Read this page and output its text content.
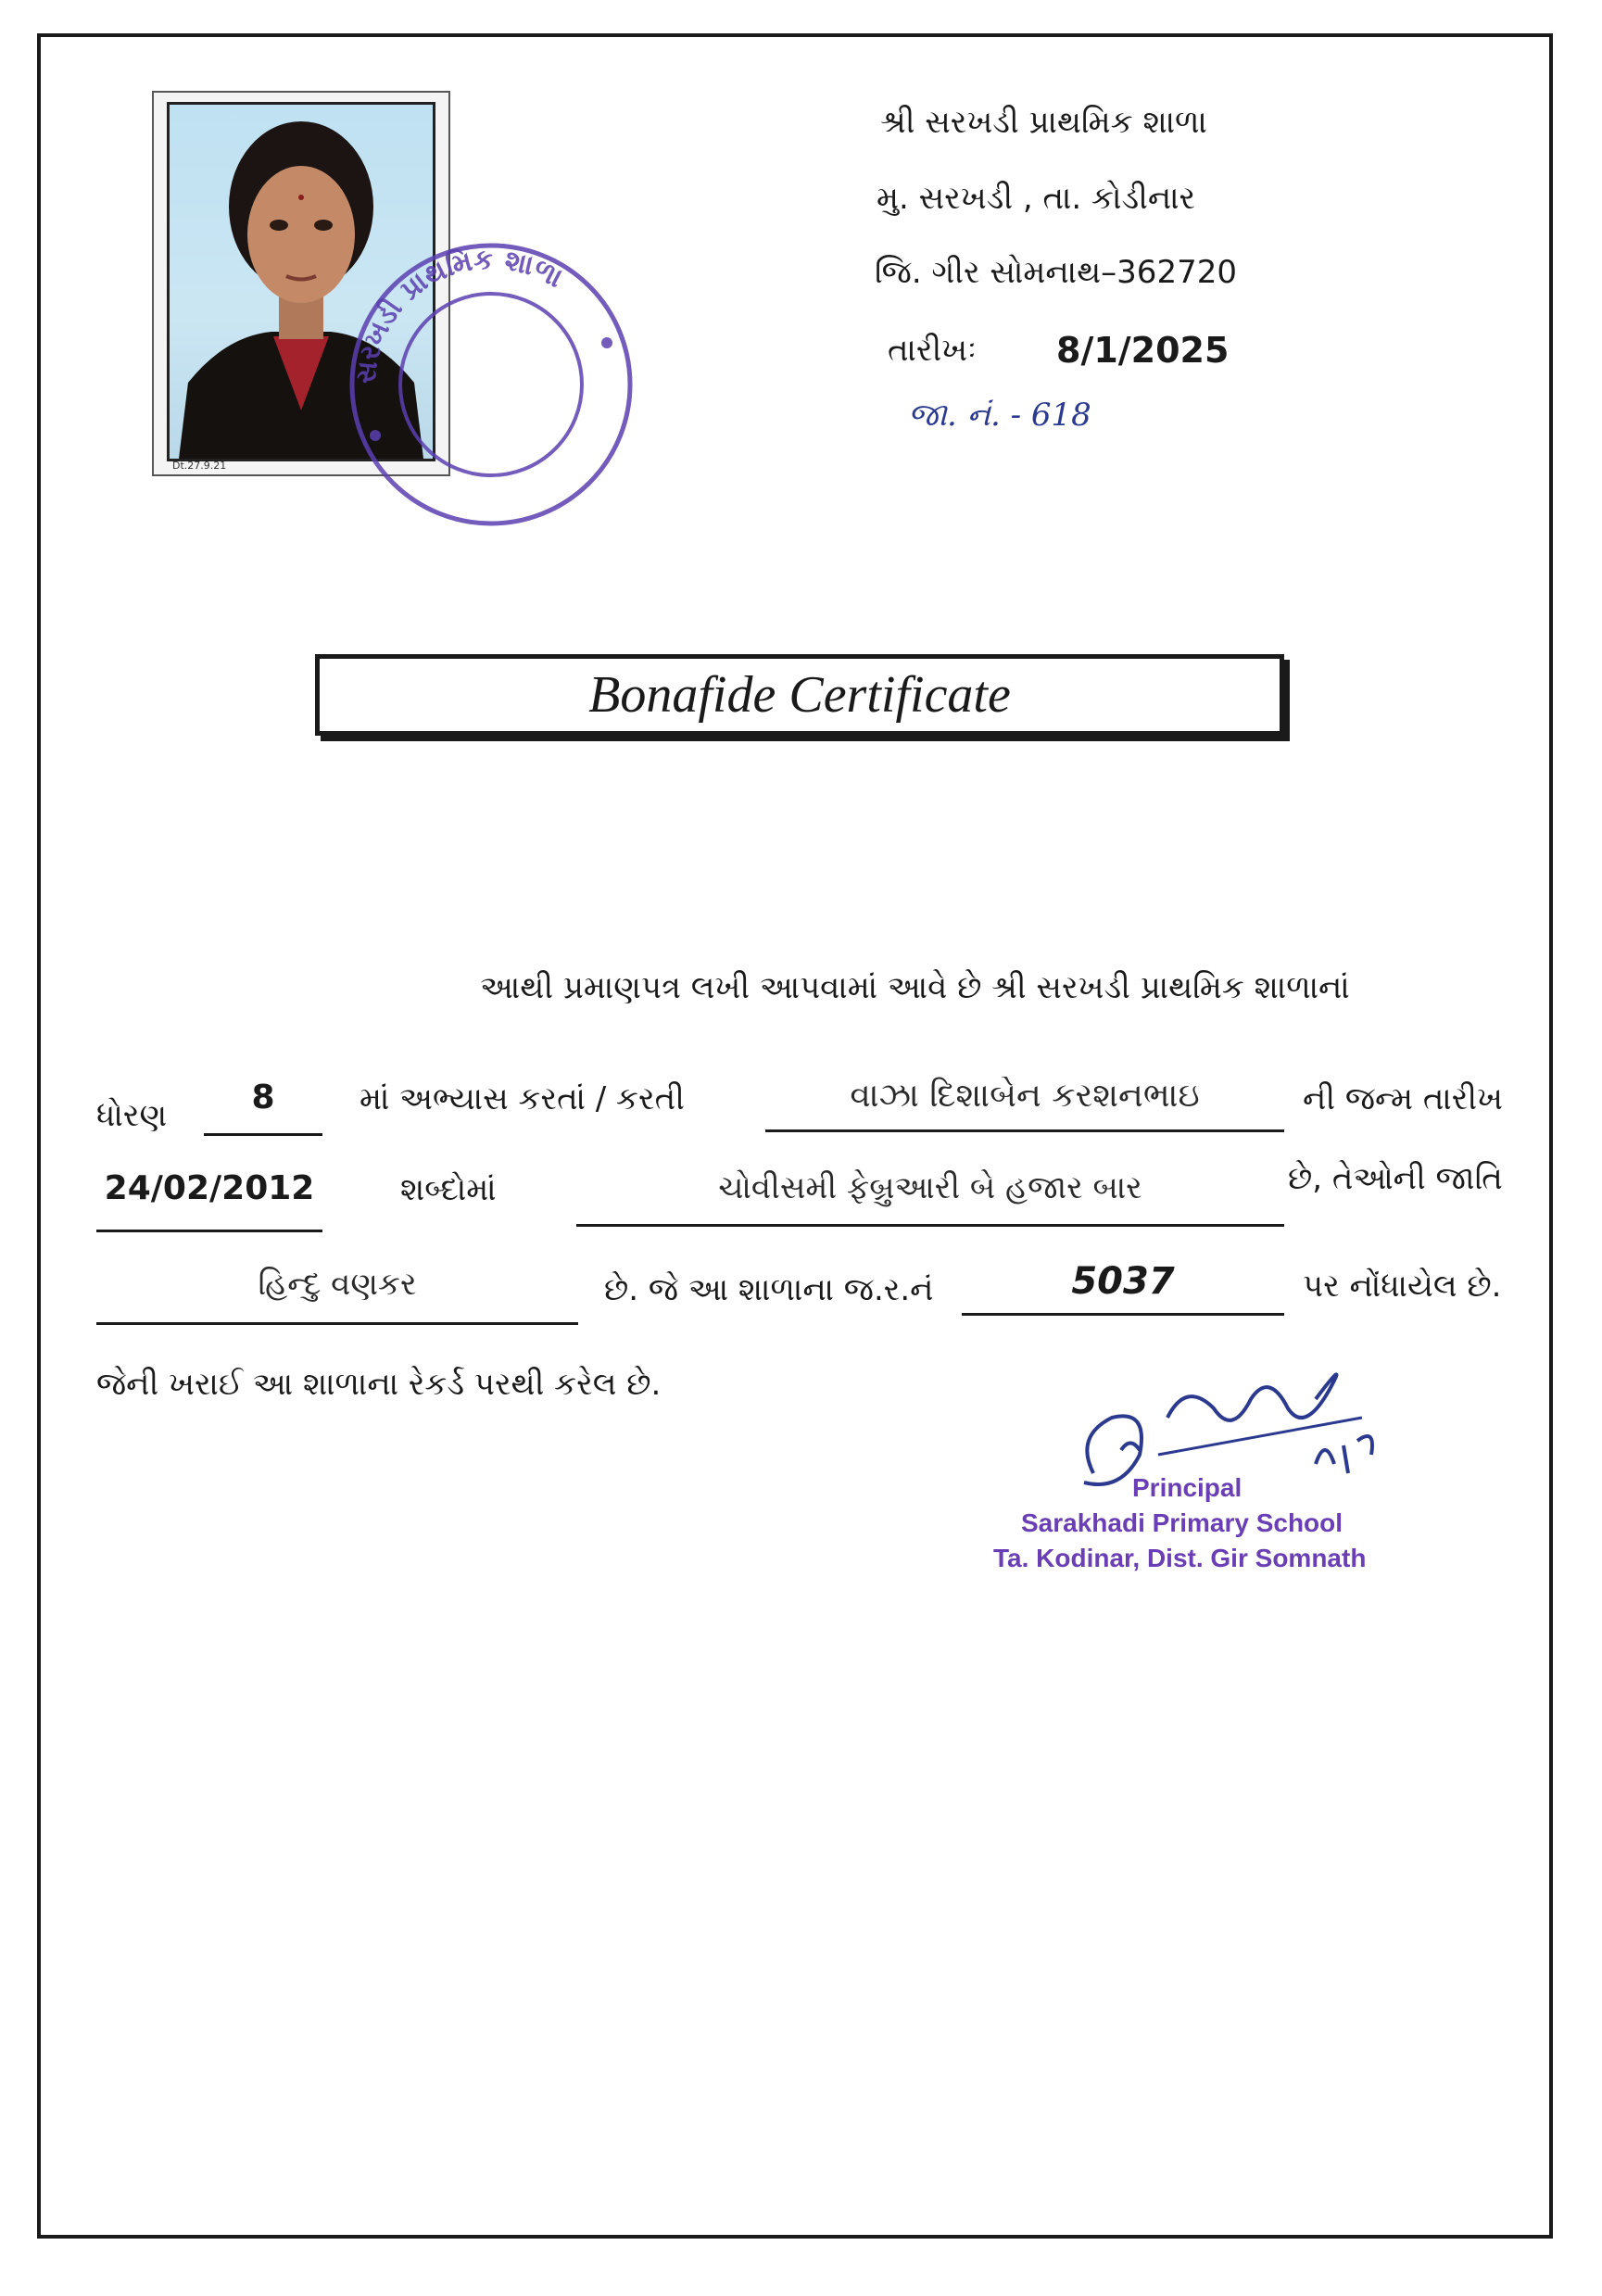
Dt.27.9.21
સરખડી પ્રાથમિક શાળા
શ્રી સરખડી પ્રાથમિક શાળા
મુ. સરખડી , તા. કોડીનાર
જિ. ગીર સોમનાથ–362720
તારીખઃ 8/1/2025
જા. નં. - 618
Bonafide Certificate
આથી પ્રમાણપત્ર લખી આપવામાં આવે છે શ્રી સરખડી પ્રાથમિક શાળાનાં
ધોરણ	8	માં અભ્યાસ કરતાં / કરતી	વાઝા દિશાબેન કરશનભાઇ	ની જન્મ તારીખ
24/02/2012	શબ્દોમાં	ચોવીસમી ફેબ્રુઆરી બે હજાર બાર	છે, તેઓની જાતિ
હિન્દુ વણકર	છે. જે આ શાળાના જ.ર.નં	5037	પર નોંધાયેલ છે.
જેની ખરાઈ આ શાળાના રેકર્ડ પરથી કરેલ છે.
Principal
Sarakhadi Primary School
Ta. Kodinar, Dist. Gir Somnath
